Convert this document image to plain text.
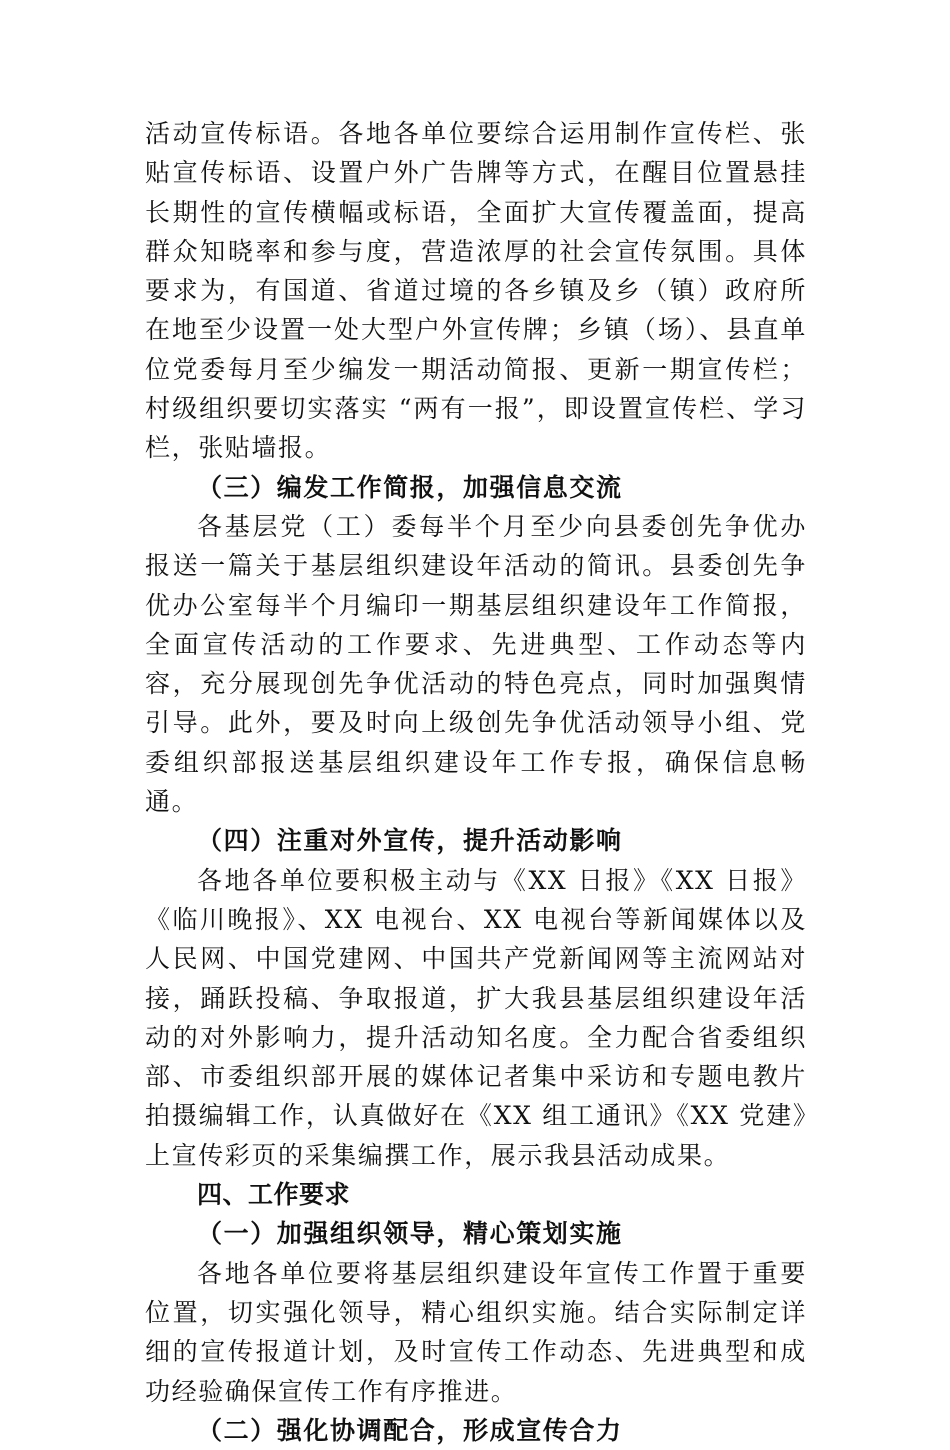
活动宣传标语。各地各单位要综合运用制作宣传栏、张贴宣传标语、设置户外广告牌等方式，在醒目位置悬挂长期性的宣传横幅或标语，全面扩大宣传覆盖面，提高群众知晓率和参与度，营造浓厚的社会宣传氛围。具体要求为，有国道、省道过境的各乡镇及乡（镇）政府所在地至少设置一处大型户外宣传牌；乡镇（场）、县直单位党委每月至少编发一期活动简报、更新一期宣传栏；村级组织要切实落实 “两有一报”，即设置宣传栏、学习栏，张贴墙报。

（三）编发工作简报，加强信息交流

各基层党（工）委每半个月至少向县委创先争优办报送一篇关于基层组织建设年活动的简讯。县委创先争优办公室每半个月编印一期基层组织建设年工作简报，全面宣传活动的工作要求、先进典型、工作动态等内容，充分展现创先争优活动的特色亮点，同时加强舆情引导。此外，要及时向上级创先争优活动领导小组、党委组织部报送基层组织建设年工作专报，确保信息畅通。

（四）注重对外宣传，提升活动影响

各地各单位要积极主动与《XX 日报》《XX 日报》《临川晚报》、XX 电视台、XX 电视台等新闻媒体以及人民网、中国党建网、中国共产党新闻网等主流网站对接，踊跃投稿、争取报道，扩大我县基层组织建设年活动的对外影响力，提升活动知名度。全力配合省委组织部、市委组织部开展的媒体记者集中采访和专题电教片拍摄编辑工作，认真做好在《XX 组工通讯》《XX 党建》上宣传彩页的采集编撰工作，展示我县活动成果。

四、工作要求

（一）加强组织领导，精心策划实施

各地各单位要将基层组织建设年宣传工作置于重要位置，切实强化领导，精心组织实施。结合实际制定详细的宣传报道计划，及时宣传工作动态、先进典型和成功经验确保宣传工作有序推进。

（二）强化协调配合，形成宣传合力
